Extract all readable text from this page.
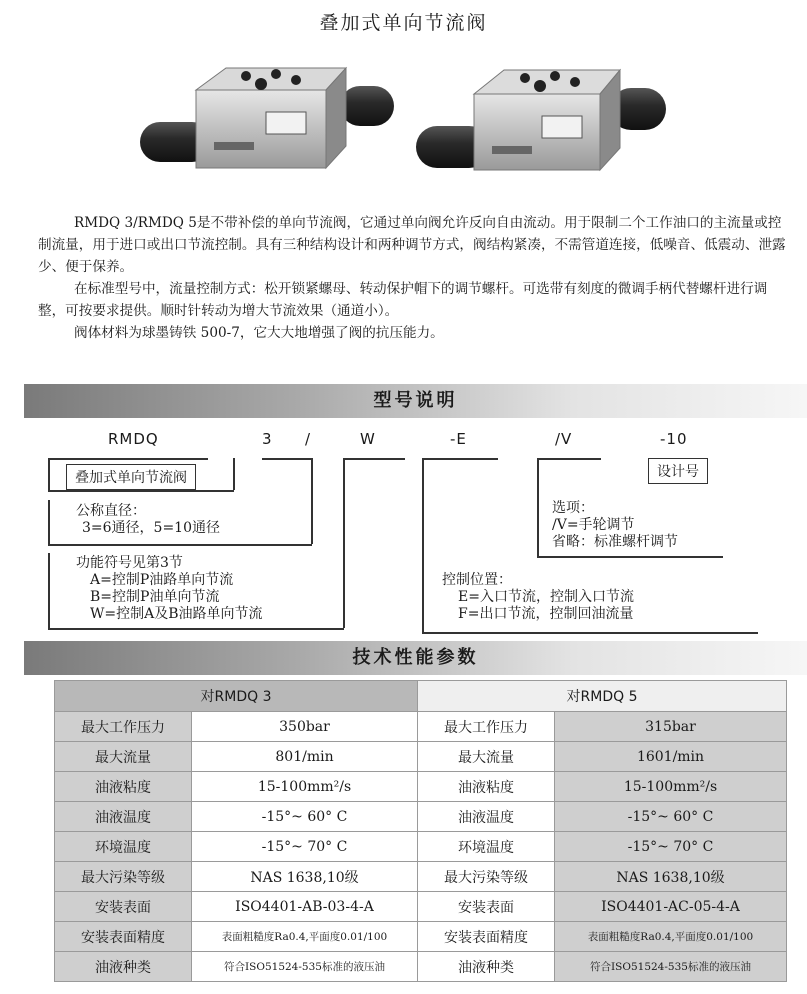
叠加式单向节流阀

RMDQ 3/RMDQ 5是不带补偿的单向节流阀，它通过单向阀允许反向自由流动。用于限制二个工作油口的主流量或控制流量，用于进口或出口节流控制。具有三种结构设计和两种调节方式，阀结构紧凑，不需管道连接，低噪音、低震动、泄露少、便于保养。

在标准型号中，流量控制方式：松开锁紧螺母、转动保护帽下的调节螺杆。可选带有刻度的微调手柄代替螺杆进行调整，可按要求提供。顺时针转动为增大节流效果（通道小）。

阀体材料为球墨铸铁 500-7，它大大地增强了阀的抗压能力。

型号说明
RMDQ	3 /	W	-E	/V	-10
叠加式单向节流阀	设计号
公称直径：
3=6通径，5=10通径
选项：
/V=手轮调节
省略：标准螺杆调节
功能符号见第3节
A=控制P油路单向节流
B=控制P油单向节流
W=控制A及B油路单向节流
控制位置：
E=入口节流，控制入口节流
F=出口节流，控制回油流量
技术性能参数
对RMDQ 3		对RMDQ 5	
最大工作压力	350bar	最大工作压力	315bar
最大流量	801/min	最大流量	1601/min
油液粘度	15-100mm²/s	油液粘度	15-100mm²/s
油液温度	-15°~ 60° C	油液温度	-15°~ 60° C
环境温度	-15°~ 70° C	环境温度	-15°~ 70° C
最大污染等级	NAS 1638,10级	最大污染等级	NAS 1638,10级
安装表面	ISO4401-AB-03-4-A	安装表面	ISO4401-AC-05-4-A
安装表面精度	表面粗糙度Ra0.4,平面度0.01/100	安装表面精度	表面粗糙度Ra0.4,平面度0.01/100
油液种类	符合ISO51524-535标准的液压油	油液种类	符合ISO51524-535标准的液压油
